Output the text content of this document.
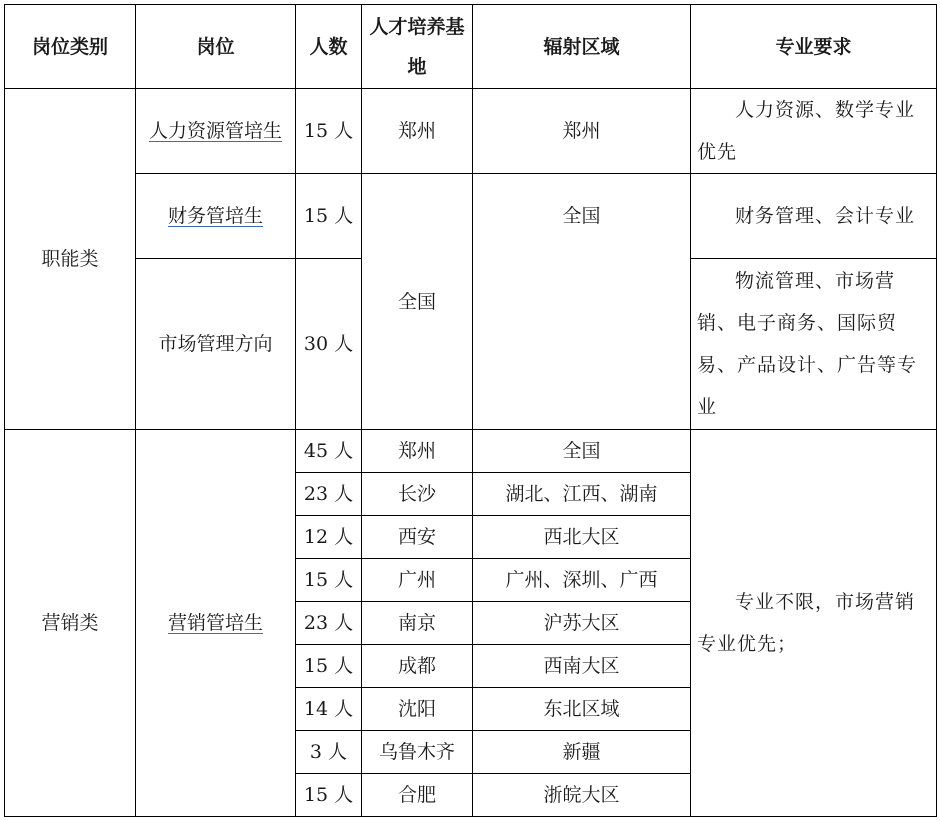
岗位类别	岗位	人数	人才培养基地	辐射区域	专业要求
职能类	人力资源管培生	15 人	郑州	郑州	人力资源、数学专业优先
	财务管培生	15 人	全国	全国	财务管理、会计专业
	市场管理方向	30 人			物流管理、市场营销、电子商务、国际贸易、产品设计、广告等专业
营销类	营销管培生	45 人	郑州	全国	专业不限，市场营销专业优先；
		23 人	长沙	湖北、江西、湖南	
		12 人	西安	西北大区	
		15 人	广州	广州、深圳、广西	
		23 人	南京	沪苏大区	
		15 人	成都	西南大区	
		14 人	沈阳	东北区域	
		3 人	乌鲁木齐	新疆	
		15 人	合肥	浙皖大区	
